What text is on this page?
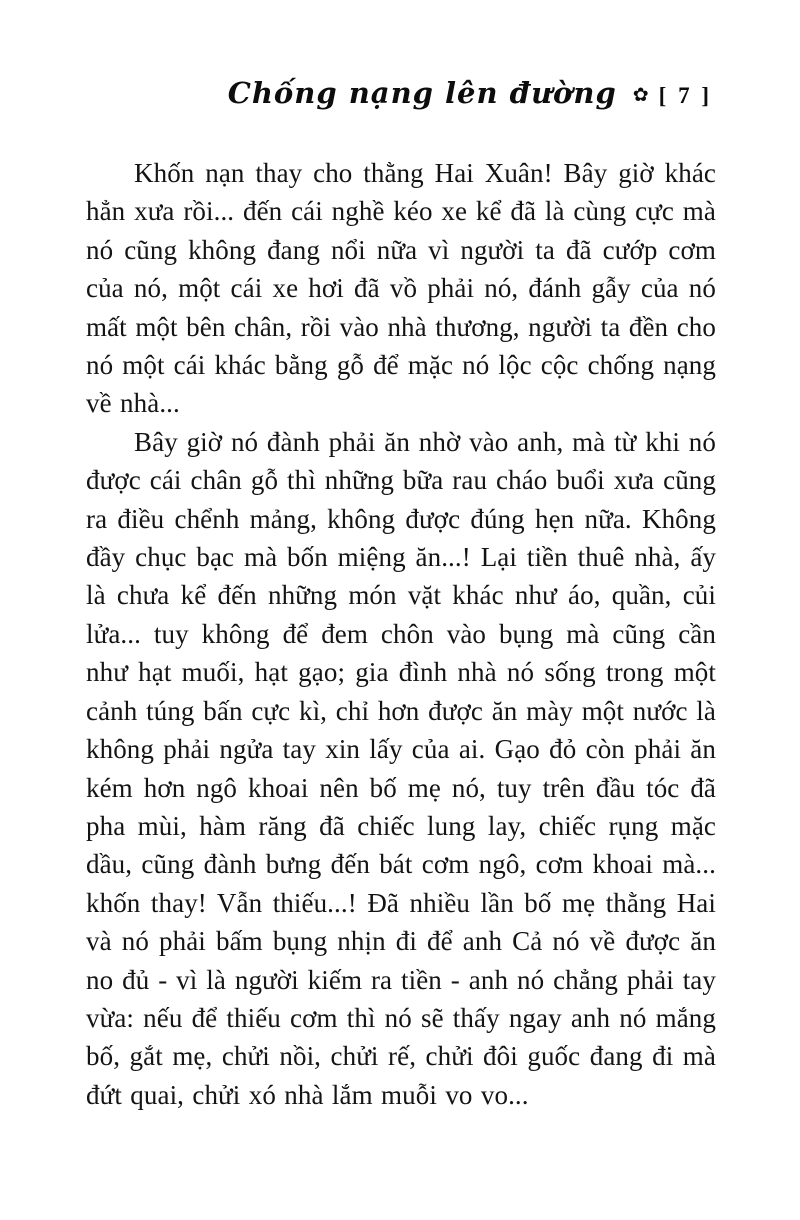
Chống nạng lên đường ✿ [ 7 ]

Khốn nạn thay cho thằng Hai Xuân! Bây giờ khác hẳn xưa rồi... đến cái nghề kéo xe kể đã là cùng cực mà nó cũng không đang nổi nữa vì người ta đã cướp cơm của nó, một cái xe hơi đã vồ phải nó, đánh gẫy của nó mất một bên chân, rồi vào nhà thương, người ta đền cho nó một cái khác bằng gỗ để mặc nó lộc cộc chống nạng về nhà...

Bây giờ nó đành phải ăn nhờ vào anh, mà từ khi nó được cái chân gỗ thì những bữa rau cháo buổi xưa cũng ra điều chểnh mảng, không được đúng hẹn nữa. Không đầy chục bạc mà bốn miệng ăn...! Lại tiền thuê nhà, ấy là chưa kể đến những món vặt khác như áo, quần, củi lửa... tuy không để đem chôn vào bụng mà cũng cần như hạt muối, hạt gạo; gia đình nhà nó sống trong một cảnh túng bấn cực kì, chỉ hơn được ăn mày một nước là không phải ngửa tay xin lấy của ai. Gạo đỏ còn phải ăn kém hơn ngô khoai nên bố mẹ nó, tuy trên đầu tóc đã pha mùi, hàm răng đã chiếc lung lay, chiếc rụng mặc dầu, cũng đành bưng đến bát cơm ngô, cơm khoai mà... khốn thay! Vẫn thiếu...! Đã nhiều lần bố mẹ thằng Hai và nó phải bấm bụng nhịn đi để anh Cả nó về được ăn no đủ - vì là người kiếm ra tiền - anh nó chẳng phải tay vừa: nếu để thiếu cơm thì nó sẽ thấy ngay anh nó mắng bố, gắt mẹ, chửi nồi, chửi rế, chửi đôi guốc đang đi mà đứt quai, chửi xó nhà lắm muỗi vo vo...
